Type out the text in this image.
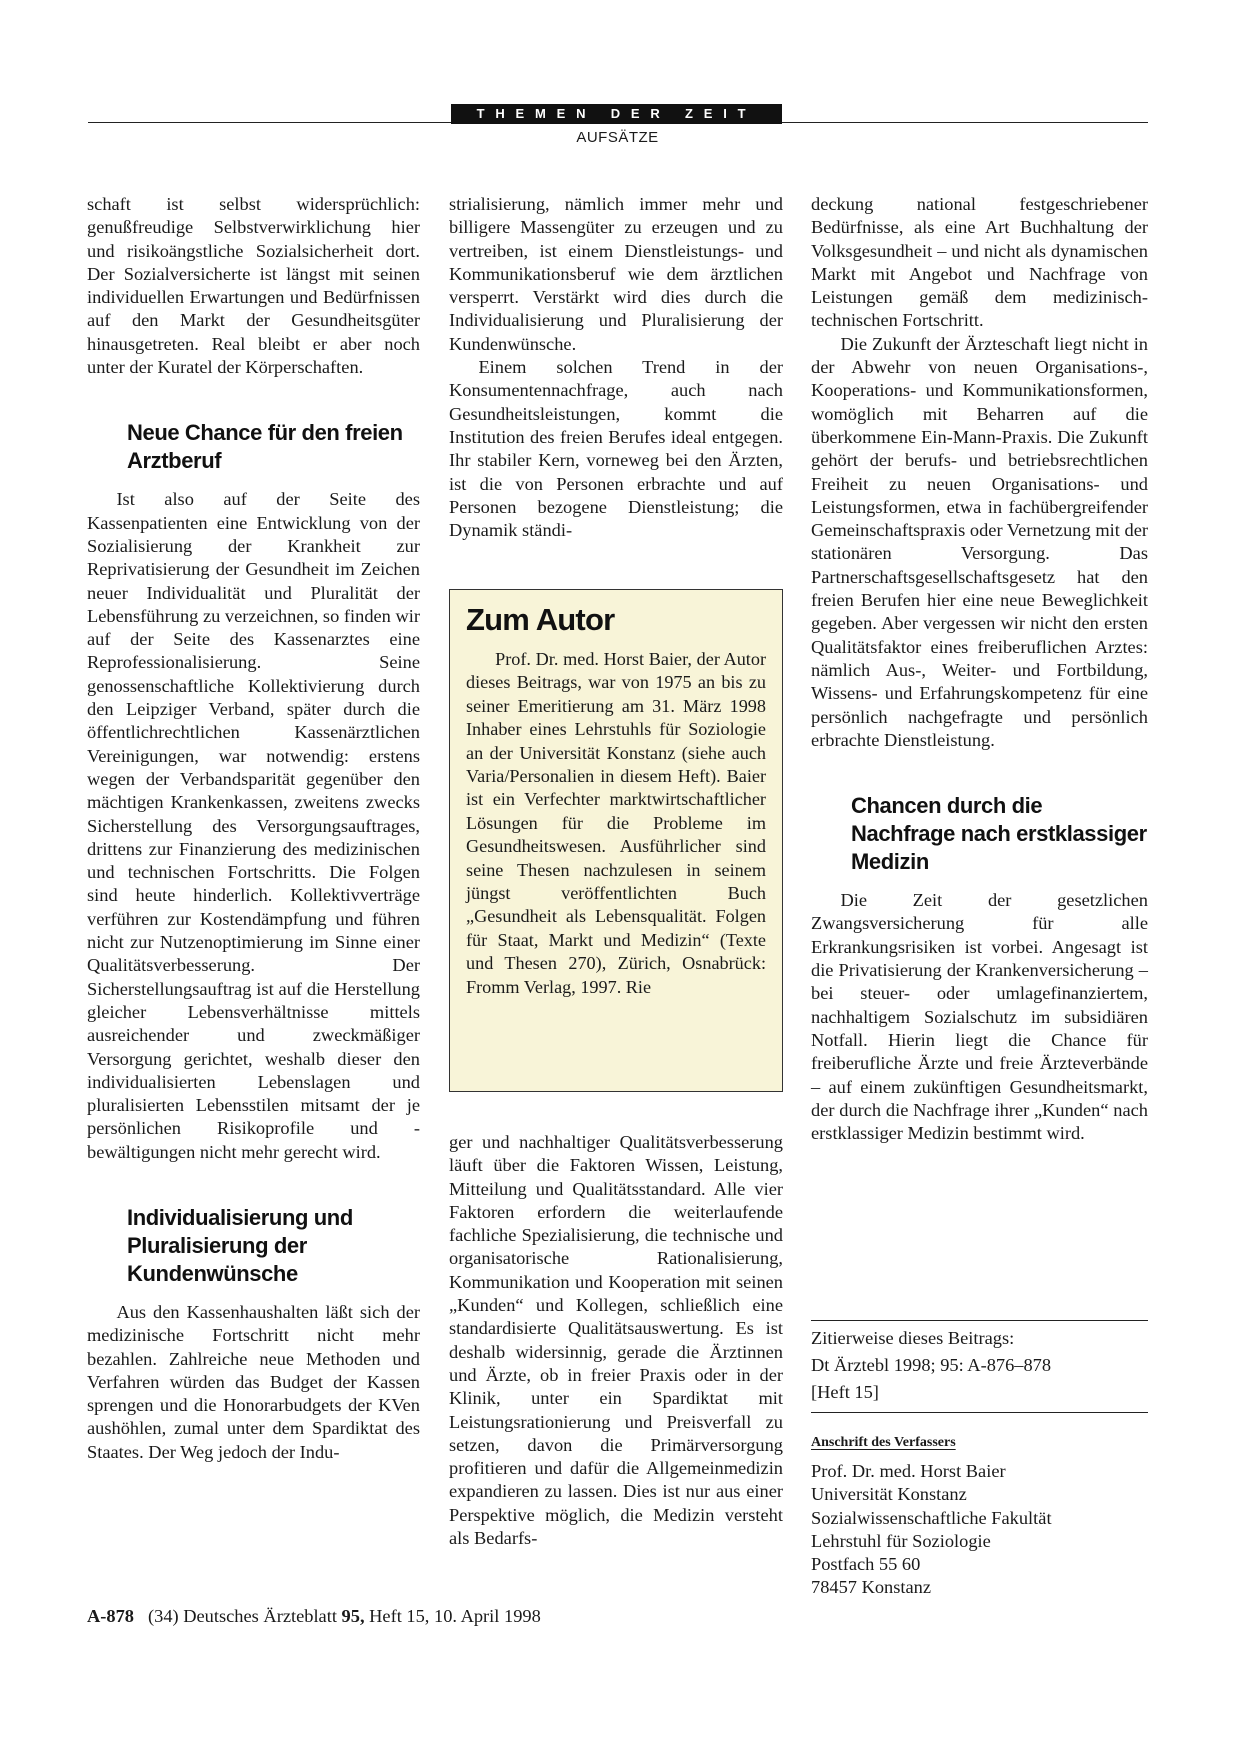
THEMEN DER ZEIT
AUFSÄTZE

schaft ist selbst widersprüchlich: genußfreudige Selbstverwirklichung hier und risikoängstliche Sozialsicherheit dort. Der Sozialversicherte ist längst mit seinen individuellen Erwartungen und Bedürfnissen auf den Markt der Gesundheitsgüter hinausgetreten. Real bleibt er aber noch unter der Kuratel der Körperschaften.

Neue Chance für den freien Arztberuf

Ist also auf der Seite des Kassenpatienten eine Entwicklung von der Sozialisierung der Krankheit zur Reprivatisierung der Gesundheit im Zeichen neuer Individualität und Pluralität der Lebensführung zu verzeichnen, so finden wir auf der Seite des Kassenarztes eine Reprofessionalisierung. Seine genossenschaftliche Kollektivierung durch den Leipziger Verband, später durch die öffentlichrechtlichen Kassenärztlichen Vereinigungen, war notwendig: erstens wegen der Verbandsparität gegenüber den mächtigen Krankenkassen, zweitens zwecks Sicherstellung des Versorgungsauftrages, drittens zur Finanzierung des medizinischen und technischen Fortschritts. Die Folgen sind heute hinderlich. Kollektivverträge verführen zur Kostendämpfung und führen nicht zur Nutzenoptimierung im Sinne einer Qualitätsverbesserung. Der Sicherstellungsauftrag ist auf die Herstellung gleicher Lebensverhältnisse mittels ausreichender und zweckmäßiger Versorgung gerichtet, weshalb dieser den individualisierten Lebenslagen und pluralisierten Lebensstilen mitsamt der je persönlichen Risikoprofile und -bewältigungen nicht mehr gerecht wird.

Individualisierung und Pluralisierung der Kundenwünsche

Aus den Kassenhaushalten läßt sich der medizinische Fortschritt nicht mehr bezahlen. Zahlreiche neue Methoden und Verfahren würden das Budget der Kassen sprengen und die Honorarbudgets der KVen aushöhlen, zumal unter dem Spardiktat des Staates. Der Weg jedoch der Indu-

strialisierung, nämlich immer mehr und billigere Massengüter zu erzeugen und zu vertreiben, ist einem Dienstleistungs- und Kommunikationsberuf wie dem ärztlichen versperrt. Verstärkt wird dies durch die Individualisierung und Pluralisierung der Kundenwünsche.

Einem solchen Trend in der Konsumentennachfrage, auch nach Gesundheitsleistungen, kommt die Institution des freien Berufes ideal entgegen. Ihr stabiler Kern, vorneweg bei den Ärzten, ist die von Personen erbrachte und auf Personen bezogene Dienstleistung; die Dynamik ständi-

Zum Autor

Prof. Dr. med. Horst Baier, der Autor dieses Beitrags, war von 1975 an bis zu seiner Emeritierung am 31. März 1998 Inhaber eines Lehrstuhls für Soziologie an der Universität Konstanz (siehe auch Varia/Personalien in diesem Heft). Baier ist ein Verfechter marktwirtschaftlicher Lösungen für die Probleme im Gesundheitswesen. Ausführlicher sind seine Thesen nachzulesen in seinem jüngst veröffentlichten Buch „Gesundheit als Lebensqualität. Folgen für Staat, Markt und Medizin“ (Texte und Thesen 270), Zürich, Osnabrück: Fromm Verlag, 1997. Rie

ger und nachhaltiger Qualitätsverbesserung läuft über die Faktoren Wissen, Leistung, Mitteilung und Qualitätsstandard. Alle vier Faktoren erfordern die weiterlaufende fachliche Spezialisierung, die technische und organisatorische Rationalisierung, Kommunikation und Kooperation mit seinen „Kunden“ und Kollegen, schließlich eine standardisierte Qualitätsauswertung. Es ist deshalb widersinnig, gerade die Ärztinnen und Ärzte, ob in freier Praxis oder in der Klinik, unter ein Spardiktat mit Leistungsrationierung und Preisverfall zu setzen, davon die Primärversorgung profitieren und dafür die Allgemeinmedizin expandieren zu lassen. Dies ist nur aus einer Perspektive möglich, die Medizin versteht als Bedarfs-

deckung national festgeschriebener Bedürfnisse, als eine Art Buchhaltung der Volksgesundheit – und nicht als dynamischen Markt mit Angebot und Nachfrage von Leistungen gemäß dem medizinisch-technischen Fortschritt.

Die Zukunft der Ärzteschaft liegt nicht in der Abwehr von neuen Organisations-, Kooperations- und Kommunikationsformen, womöglich mit Beharren auf die überkommene Ein-Mann-Praxis. Die Zukunft gehört der berufs- und betriebsrechtlichen Freiheit zu neuen Organisations- und Leistungsformen, etwa in fachübergreifender Gemeinschaftspraxis oder Vernetzung mit der stationären Versorgung. Das Partnerschaftsgesellschaftsgesetz hat den freien Berufen hier eine neue Beweglichkeit gegeben. Aber vergessen wir nicht den ersten Qualitätsfaktor eines freiberuflichen Arztes: nämlich Aus-, Weiter- und Fortbildung, Wissens- und Erfahrungskompetenz für eine persönlich nachgefragte und persönlich erbrachte Dienstleistung.

Chancen durch die Nachfrage nach erstklassiger Medizin

Die Zeit der gesetzlichen Zwangsversicherung für alle Erkrankungsrisiken ist vorbei. Angesagt ist die Privatisierung der Krankenversicherung – bei steuer- oder umlagefinanziertem, nachhaltigem Sozialschutz im subsidiären Notfall. Hierin liegt die Chance für freiberufliche Ärzte und freie Ärzteverbände – auf einem zukünftigen Gesundheitsmarkt, der durch die Nachfrage ihrer „Kunden“ nach erstklassiger Medizin bestimmt wird.

Zitierweise dieses Beitrags:

Dt Ärztebl 1998; 95: A-876–878

[Heft 15]

Anschrift des Verfassers

Prof. Dr. med. Horst Baier

Universität Konstanz

Sozialwissenschaftliche Fakultät

Lehrstuhl für Soziologie

Postfach 55 60

78457 Konstanz

A-878 (34) Deutsches Ärzteblatt 95, Heft 15, 10. April 1998
